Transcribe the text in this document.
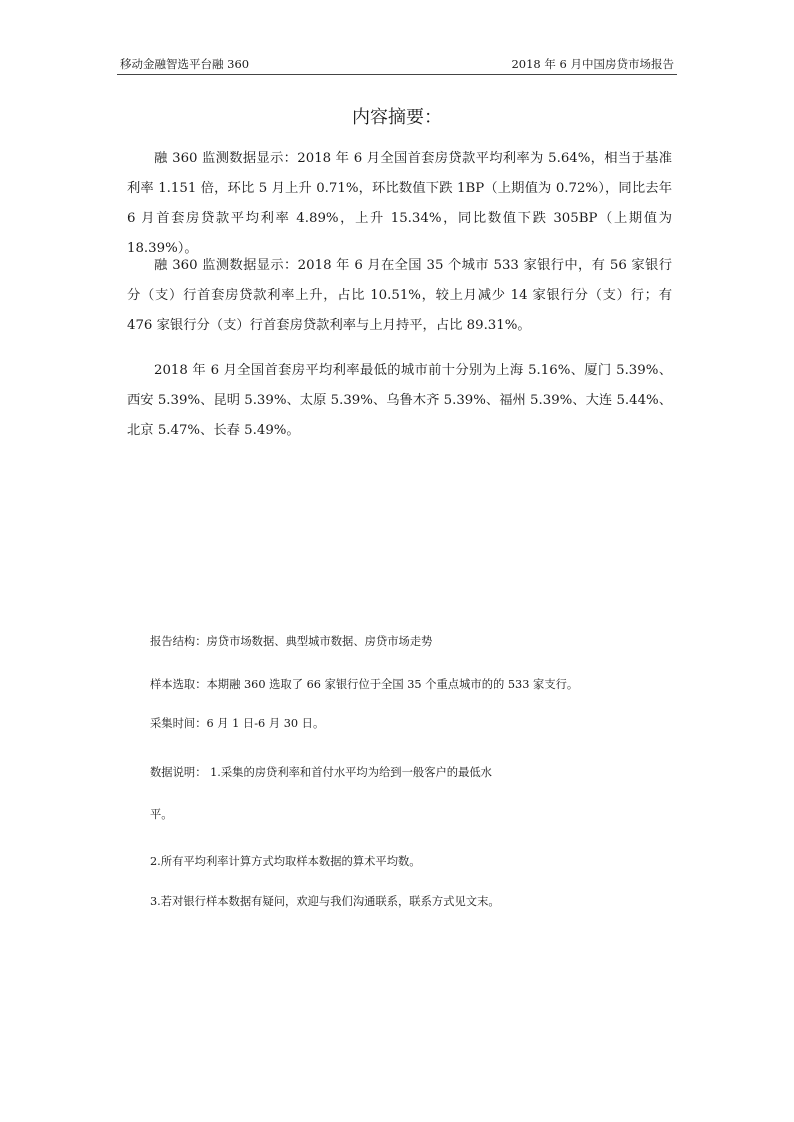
移动金融智选平台融 360	2018 年 6 月中国房贷市场报告
内容摘要：

融 360 监测数据显示：2018 年 6 月全国首套房贷款平均利率为 5.64%，相当于基准利率 1.151 倍，环比 5 月上升 0.71%，环比数值下跌 1BP（上期值为 0.72%），同比去年 6 月首套房贷款平均利率 4.89%，上升 15.34%，同比数值下跌 305BP（上期值为 18.39%）。

融 360 监测数据显示：2018 年 6 月在全国 35 个城市 533 家银行中，有 56 家银行分（支）行首套房贷款利率上升，占比 10.51%，较上月减少 14 家银行分（支）行；有 476 家银行分（支）行首套房贷款利率与上月持平，占比 89.31%。

2018 年 6 月全国首套房平均利率最低的城市前十分别为上海 5.16%、厦门 5.39%、西安 5.39%、昆明 5.39%、太原 5.39%、乌鲁木齐 5.39%、福州 5.39%、大连 5.44%、北京 5.47%、长春 5.49%。

报告结构：房贷市场数据、典型城市数据、房贷市场走势

样本选取：本期融 360 选取了 66 家银行位于全国 35 个重点城市的的 533 家支行。

采集时间：6 月 1 日-6 月 30 日。

数据说明： 1.采集的房贷利率和首付水平均为给到一般客户的最低水

平。

2.所有平均利率计算方式均取样本数据的算术平均数。

3.若对银行样本数据有疑问，欢迎与我们沟通联系，联系方式见文末。
